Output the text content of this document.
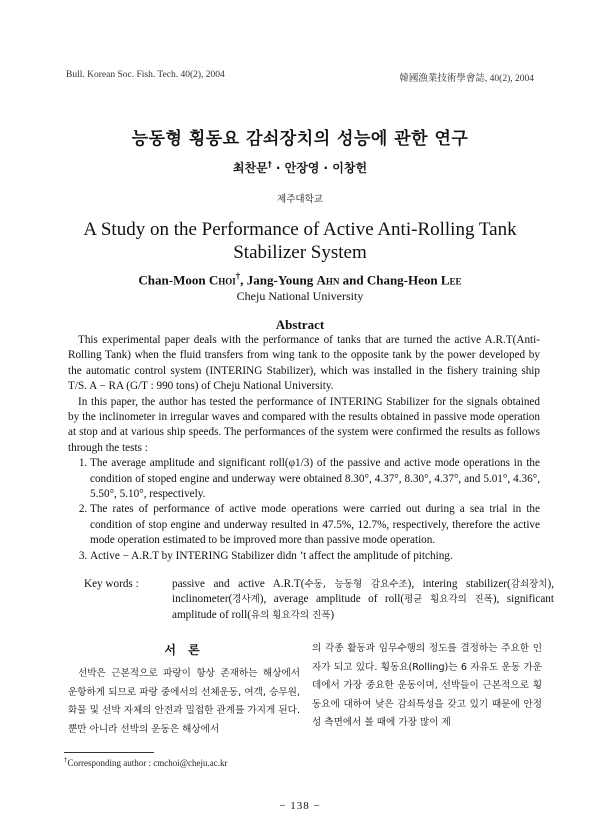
Bull. Korean Soc. Fish. Tech. 40(2), 2004	韓國漁業技術學會誌, 40(2), 2004
능동형 횡동요 감쇠장치의 성능에 관한 연구
최찬문† · 안장영 · 이창헌
제주대학교
A Study on the Performance of Active Anti-Rolling Tank
Stabilizer System
Chan-Moon Choi†, Jang-Young Ahn and Chang-Heon Lee
Cheju National University
Abstract

This experimental paper deals with the performance of tanks that are turned the active A.R.T(Anti-Rolling Tank) when the fluid transfers from wing tank to the opposite tank by the power developed by the automatic control system (INTERING Stabilizer), which was installed in the fishery training ship T/S. A − RA (G/T : 990 tons) of Cheju National University.

In this paper, the author has tested the performance of INTERING Stabilizer for the signals obtained by the inclinometer in irregular waves and compared with the results obtained in passive mode operation at stop and at various ship speeds. The performances of the system were confirmed the results as follows through the tests :

1. The average amplitude and significant roll(φ1/3) of the passive and active mode operations in the condition of stoped engine and underway were obtained 8.30°, 4.37°, 8.30°, 4.37°, and 5.01°, 4.36°, 5.50°, 5.10°, respectively.
2. The rates of performance of active mode operations were carried out during a sea trial in the condition of stop engine and underway resulted in 47.5%, 12.7%, respectively, therefore the active mode operation estimated to be improved more than passive mode operation.
3. Active − A.R.T by INTERING Stabilizer didn ’t affect the amplitude of pitching.
Key words :	passive and active A.R.T(수동, 능동형 감요수조), intering stabilizer(감쇠장치), inclinometer(경사계), average amplitude of roll(평균 횡요각의 진폭), significant amplitude of roll(유의 횡요각의 진폭)
서 론
선박은 근본적으로 파랑이 항상 존재하는 해상에서 운항하게 되므로 파랑 중에서의 선체운동, 여객, 승무원, 화물 및 선박 자체의 안전과 밀접한 관계를 가지게 된다. 뿐만 아니라 선박의 운동은 해상에서
의 각종 활동과 임무수행의 정도를 결정하는 주요한 인자가 되고 있다. 횡동요(Rolling)는 6 자유도 운동 가운데에서 가장 중요한 운동이며, 선박들이 근본적으로 횡동요에 대하여 낮은 감쇠특성을 갖고 있기 때문에 안정성 측면에서 볼 때에 가장 많이 제
†Corresponding author : cmchoi@cheju.ac.kr
− 138 −
